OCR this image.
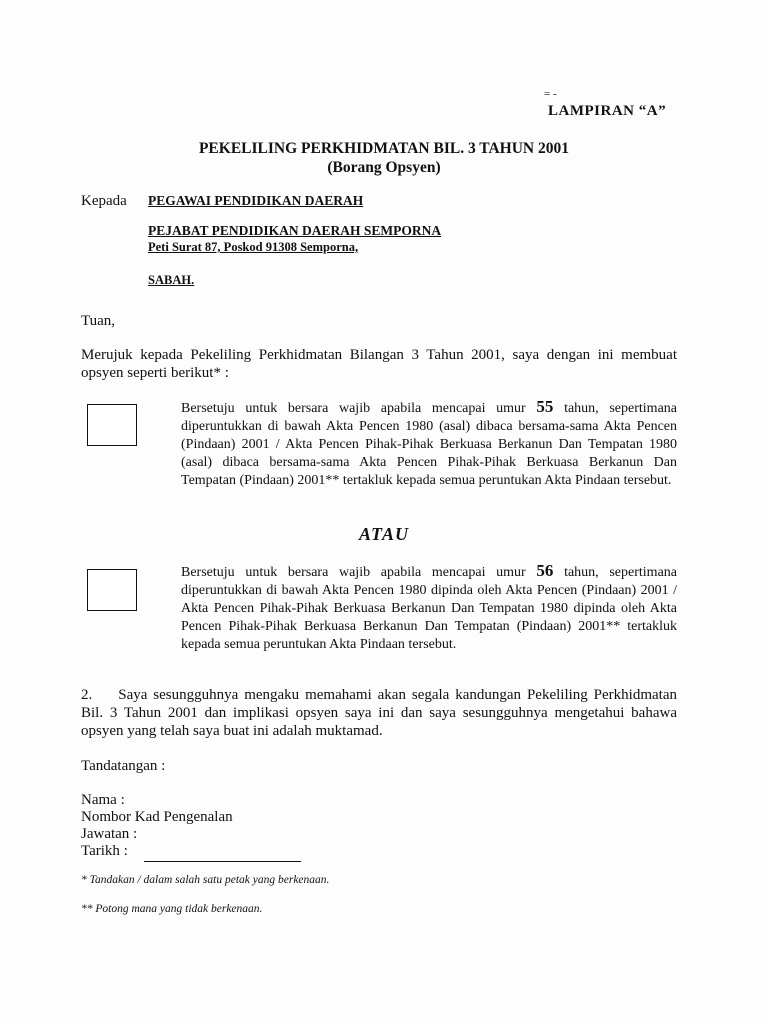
= -
LAMPIRAN “A”
PEKELILING PERKHIDMATAN BIL. 3 TAHUN 2001
(Borang Opsyen)
Kepada PEGAWAI PENDIDIKAN DAERAH
PEJABAT PENDIDIKAN DAERAH SEMPORNA
Peti Surat 87, Poskod 91308 Semporna,
SABAH.
Tuan,
Merujuk kepada Pekeliling Perkhidmatan Bilangan 3 Tahun 2001, saya dengan ini membuat opsyen seperti berikut* :
Bersetuju untuk bersara wajib apabila mencapai umur 55 tahun, sepertimana diperuntukkan di bawah Akta Pencen 1980 (asal) dibaca bersama-sama Akta Pencen (Pindaan) 2001 / Akta Pencen Pihak-Pihak Berkuasa Berkanun Dan Tempatan 1980 (asal) dibaca bersama-sama Akta Pencen Pihak-Pihak Berkuasa Berkanun Dan Tempatan (Pindaan) 2001** tertakluk kepada semua peruntukan Akta Pindaan tersebut.
ATAU
Bersetuju untuk bersara wajib apabila mencapai umur 56 tahun, sepertimana diperuntukkan di bawah Akta Pencen 1980 dipinda oleh Akta Pencen (Pindaan) 2001 / Akta Pencen Pihak-Pihak Berkuasa Berkanun Dan Tempatan 1980 dipinda oleh Akta Pencen Pihak-Pihak Berkuasa Berkanun Dan Tempatan (Pindaan) 2001** tertakluk kepada semua peruntukan Akta Pindaan tersebut.
2. Saya sesungguhnya mengaku memahami akan segala kandungan Pekeliling Perkhidmatan Bil. 3 Tahun 2001 dan implikasi opsyen saya ini dan saya sesungguhnya mengetahui bahawa opsyen yang telah saya buat ini adalah muktamad.
Tandatangan :
Nama :
Nombor Kad Pengenalan
Jawatan :
Tarikh :
* Tandakan / dalam salah satu petak yang berkenaan.
** Potong mana yang tidak berkenaan.
